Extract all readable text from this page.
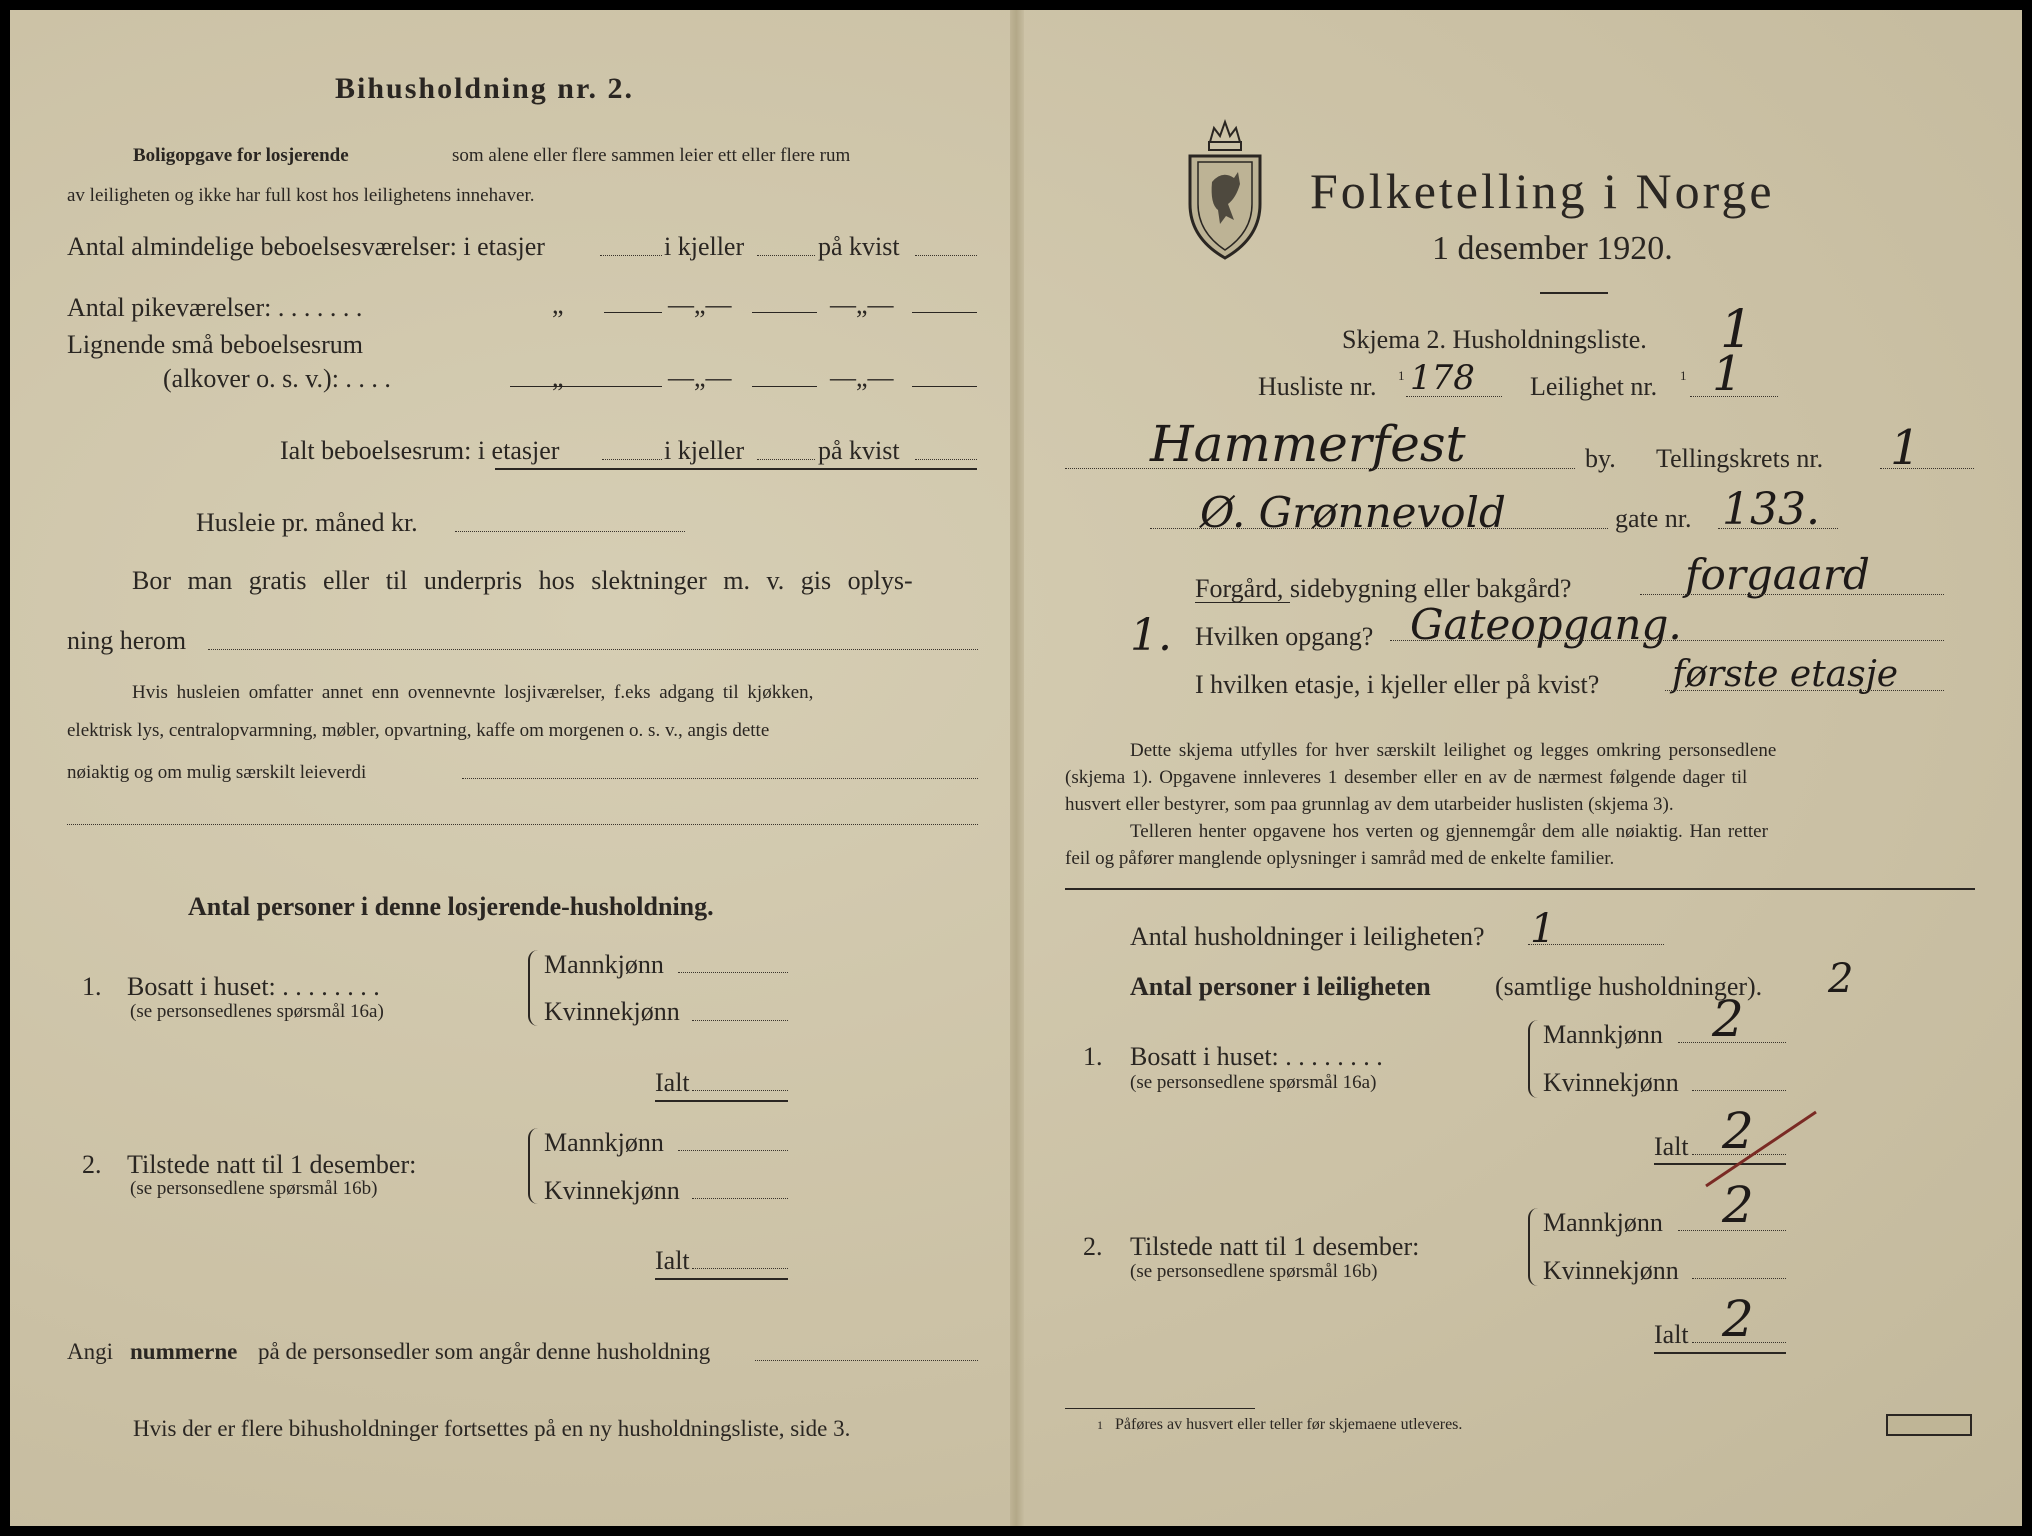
Bihusholdning nr. 2.
Boligopgave for losjerende	som alene eller flere sammen leier ett eller flere rum
av leiligheten og ikke har full kost hos leilighetens innehaver.
Antal almindelige beboelsesværelser: i etasjer	i kjeller	på kvist
Antal pikeværelser: . . . . . . .	„	—„—	—„—
Lignende små beboelsesrum
(alkover o. s. v.): . . . .	„	—„—	—„—
Ialt beboelsesrum: i etasjer	i kjeller	på kvist
Husleie pr. måned kr.
Bor man gratis eller til underpris hos slektninger m. v. gis oplys-
ning herom
Hvis husleien omfatter annet enn ovennevnte losjiværelser, f.eks adgang til kjøkken,
elektrisk lys, centralopvarmning, møbler, opvartning, kaffe om morgenen o. s. v., angis dette
nøiaktig og om mulig særskilt leieverdi
Antal personer i denne losjerende-husholdning.
1. Bosatt i huset: . . . . . . . .
(se personsedlenes spørsmål 16a)
Mannkjønn
Kvinnekjønn
Ialt
2. Tilstede natt til 1 desember:
(se personsedlene spørsmål 16b)
Mannkjønn
Kvinnekjønn
Ialt
Angi nummerne på de personsedler som angår denne husholdning
Hvis der er flere bihusholdninger fortsettes på en ny husholdningsliste, side 3.
Folketelling i Norge
1 desember 1920.
Skjema 2. Husholdningsliste. 1
Husliste nr. 1 178 Leilighet nr. 1 1
Hammerfest	by. Tellingskrets nr. 1
Ø. Grønnevold	gate nr. 133.
Forgård, sidebygning eller bakgård?	forgaard
1. Hvilken opgang? Gateopgang.
I hvilken etasje, i kjeller eller på kvist? første etasje
Dette skjema utfylles for hver særskilt leilighet og legges omkring personsedlene
(skjema 1). Opgavene innleveres 1 desember eller en av de nærmest følgende dager til
husvert eller bestyrer, som paa grunnlag av dem utarbeider huslisten (skjema 3).
Telleren henter opgavene hos verten og gjennemgår dem alle nøiaktig. Han retter
feil og påfører manglende oplysninger i samråd med de enkelte familier.
Antal husholdninger i leiligheten? 1
Antal personer i leiligheten (samtlige husholdninger). 2
1. Bosatt i huset: . . . . . . . .
(se personsedlene spørsmål 16a)
Mannkjønn 2
Kvinnekjønn
Ialt 2
2. Tilstede natt til 1 desember:
(se personsedlene spørsmål 16b)
Mannkjønn 2
Kvinnekjønn
Ialt 2
1 Påføres av husvert eller teller før skjemaene utleveres.
